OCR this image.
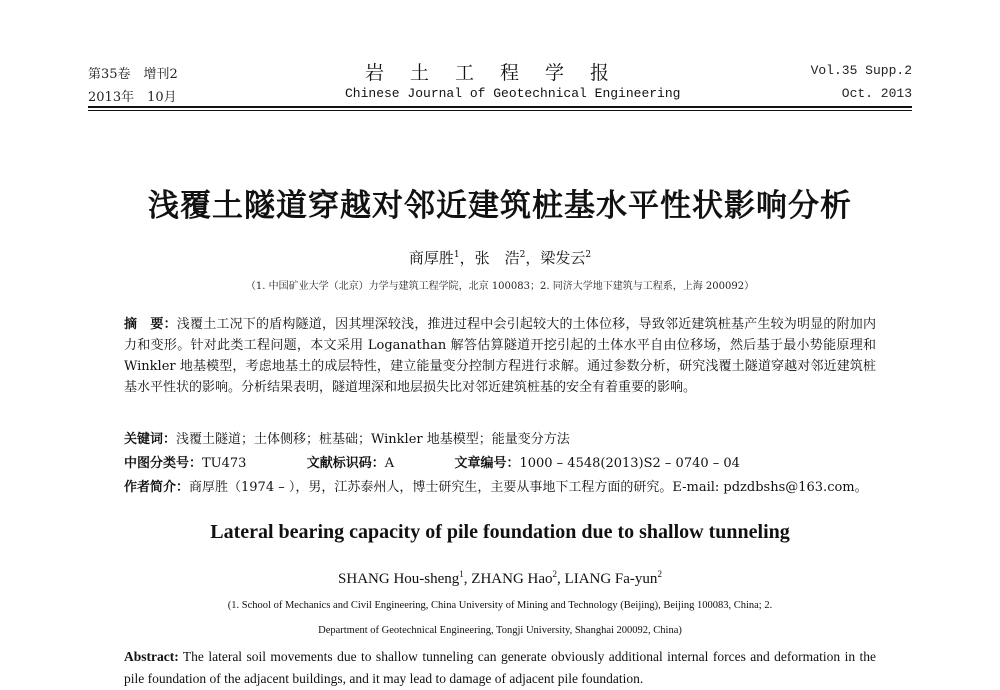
第35卷　增刊2
2013年　10月
岩土工程学报
Chinese Journal of Geotechnical Engineering
Vol.35 Supp.2
Oct. 2013
浅覆土隧道穿越对邻近建筑桩基水平性状影响分析
商厚胜$^1$，张　浩$^2$，梁发云$^2$
（1. 中国矿业大学（北京）力学与建筑工程学院，北京 100083；2. 同济大学地下建筑与工程系，上海 200092）
摘　要：浅覆土工况下的盾构隧道，因其埋深较浅，推进过程中会引起较大的土体位移，导致邻近建筑桩基产生较为明显的附加内力和变形。针对此类工程问题，本文采用 Loganathan 解答估算隧道开挖引起的土体水平自由位移场，然后基于最小势能原理和 Winkler 地基模型，考虑地基土的成层特性，建立能量变分控制方程进行求解。通过参数分析，研究浅覆土隧道穿越对邻近建筑桩基水平性状的影响。分析结果表明，隧道埋深和地层损失比对邻近建筑桩基的安全有着重要的影响。
关键词：浅覆土隧道；土体侧移；桩基础；Winkler 地基模型；能量变分方法
中图分类号：TU473	文献标识码：A	文章编号：1000 – 4548(2013)S2 – 0740 – 04
作者简介：商厚胜（1974 – ），男，江苏泰州人，博士研究生，主要从事地下工程方面的研究。E-mail: pdzdbshs@163.com。
Lateral bearing capacity of pile foundation due to shallow tunneling
SHANG Hou-sheng$^1$, ZHANG Hao$^2$, LIANG Fa-yun$^2$
(1. School of Mechanics and Civil Engineering, China University of Mining and Technology (Beijing), Beijing 100083, China; 2.
Department of Geotechnical Engineering, Tongji University, Shanghai 200092, China)
Abstract: The lateral soil movements due to shallow tunneling can generate obviously additional internal forces and deformation in the pile foundation of the adjacent buildings, and it may lead to damage of adjacent pile foundation.
